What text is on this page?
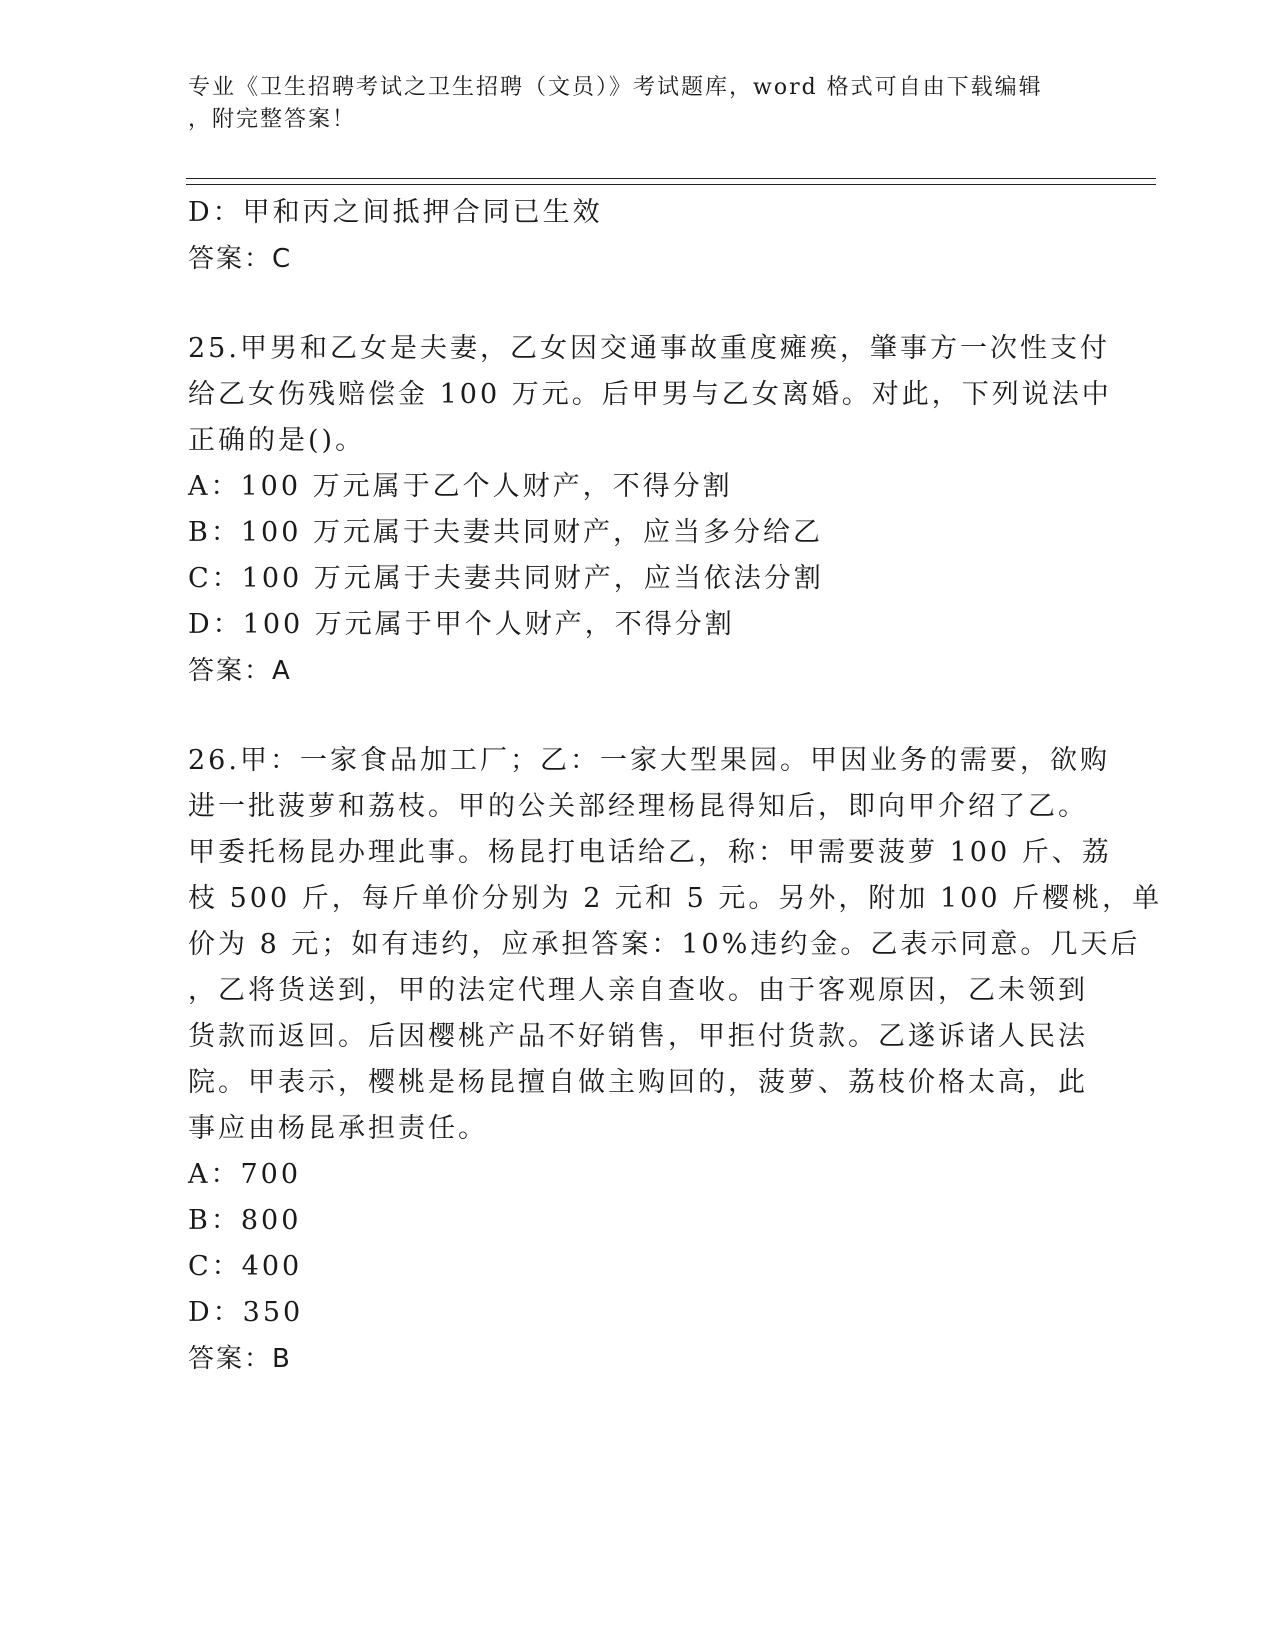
专业《卫生招聘考试之卫生招聘（文员）》考试题库，word 格式可自由下载编辑
，附完整答案！
D：甲和丙之间抵押合同已生效
答案：C
25.甲男和乙女是夫妻，乙女因交通事故重度瘫痪，肇事方一次性支付
给乙女伤残赔偿金 100 万元。后甲男与乙女离婚。对此，下列说法中
正确的是()。
A：100 万元属于乙个人财产，不得分割
B：100 万元属于夫妻共同财产，应当多分给乙
C：100 万元属于夫妻共同财产，应当依法分割
D：100 万元属于甲个人财产，不得分割
答案：A
26.甲：一家食品加工厂；乙：一家大型果园。甲因业务的需要，欲购
进一批菠萝和荔枝。甲的公关部经理杨昆得知后，即向甲介绍了乙。
甲委托杨昆办理此事。杨昆打电话给乙，称：甲需要菠萝 100 斤、荔
枝 500 斤，每斤单价分别为 2 元和 5 元。另外，附加 100 斤樱桃，单
价为 8 元；如有违约，应承担答案：10%违约金。乙表示同意。几天后
，乙将货送到，甲的法定代理人亲自查收。由于客观原因，乙未领到
货款而返回。后因樱桃产品不好销售，甲拒付货款。乙遂诉诸人民法
院。甲表示，樱桃是杨昆擅自做主购回的，菠萝、荔枝价格太高，此
事应由杨昆承担责任。
A：700
B：800
C：400
D：350
答案：B
